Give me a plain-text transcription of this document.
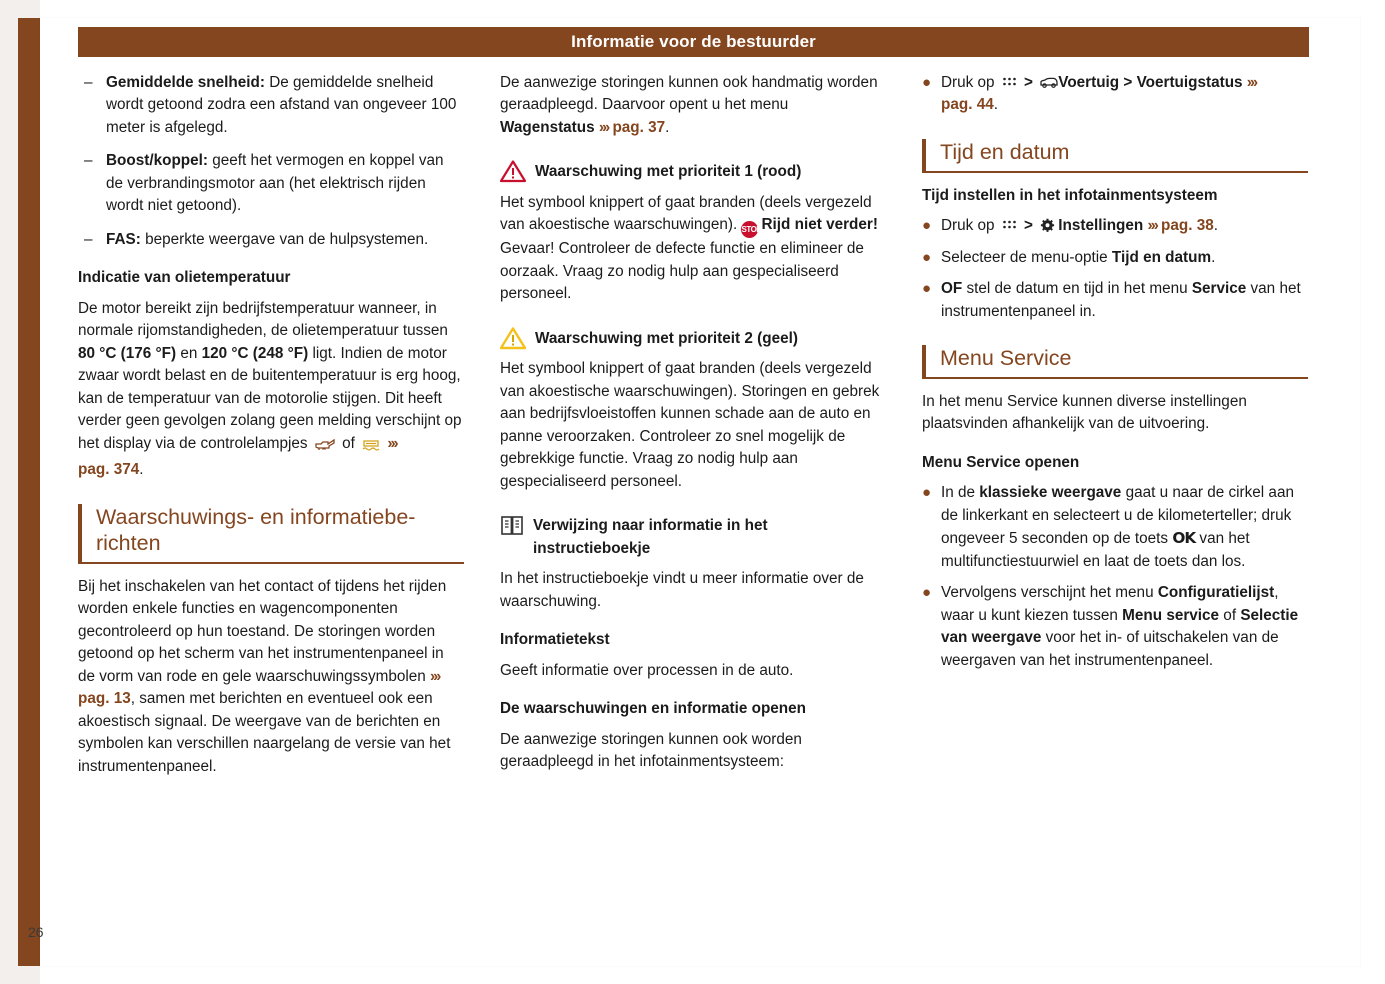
Informatie voor de bestuurder
– Gemiddelde snelheid: De gemiddelde snelheid wordt getoond zodra een afstand van ongeveer 100 meter is afgelegd.
– Boost/koppel: geeft het vermogen en koppel van de verbrandingsmotor aan (het elektrisch rijden wordt niet getoond).
– FAS: beperkte weergave van de hulpsystemen.
Indicatie van olietemperatuur

De motor bereikt zijn bedrijfstemperatuur wanneer, in normale rijomstandigheden, de olietemperatuur tussen 80 °C (176 °F) en 120 °C (248 °F) ligt. Indien de motor zwaar wordt belast en de buitentemperatuur is erg hoog, kan de temperatuur van de motorolie stijgen. Dit heeft verder geen gevolgen zolang geen melding verschijnt op het display via de controlelampjes  of  ››› pag. 374.

Waarschuwings- en informatiebe- richten

Bij het inschakelen van het contact of tijdens het rijden worden enkele functies en wagencomponenten gecontroleerd op hun toestand. De storingen worden getoond op het scherm van het instrumentenpaneel in de vorm van rode en gele waarschuwingssymbolen ››› pag. 13, samen met berichten en eventueel ook een akoestisch signaal. De weergave van de berichten en symbolen kan verschillen naargelang de versie van het instrumentenpaneel.

De aanwezige storingen kunnen ook handmatig worden geraadpleegd. Daarvoor opent u het menu Wagenstatus ››› pag. 37.

Waarschuwing met prioriteit 1 (rood)

Het symbool knippert of gaat branden (deels vergezeld van akoestische waarschuwingen). STOPRijd niet verder! Gevaar! Controleer de defecte functie en elimineer de oorzaak. Vraag zo nodig hulp aan gespecialiseerd personeel.

Waarschuwing met prioriteit 2 (geel)

Het symbool knippert of gaat branden (deels vergezeld van akoestische waarschuwingen). Storingen en gebrek aan bedrijfsvloeistoffen kunnen schade aan de auto en panne veroorzaken. Controleer zo snel mogelijk de gebrekkige functie. Vraag zo nodig hulp aan gespecialiseerd personeel.

Verwijzing naar informatie in het instructieboekje

In het instructieboekje vindt u meer informatie over de waarschuwing.

Informatietekst

Geeft informatie over processen in de auto.

De waarschuwingen en informatie openen

De aanwezige storingen kunnen ook worden geraadpleegd in het infotainmentsysteem:

● Druk op  > Voertuig > Voertuigstatus ››› pag. 44.
Tijd en datum
Tijd instellen in het infotainmentsysteem
● Druk op  > Instellingen ››› pag. 38.
● Selecteer de menu-optie Tijd en datum.
● OF stel de datum en tijd in het menu Service van het instrumentenpaneel in.
Menu Service

In het menu Service kunnen diverse instellingen plaatsvinden afhankelijk van de uitvoering.

Menu Service openen
● In de klassieke weergave gaat u naar de cirkel aan de linkerkant en selecteert u de kilometerteller; druk ongeveer 5 seconden op de toets OK van het multifunctiestuurwiel en laat de toets dan los.
● Vervolgens verschijnt het menu Configuratielijst, waar u kunt kiezen tussen Menu service of Selectie van weergave voor het in- of uitschakelen van de weergaven van het instrumentenpaneel.
26
